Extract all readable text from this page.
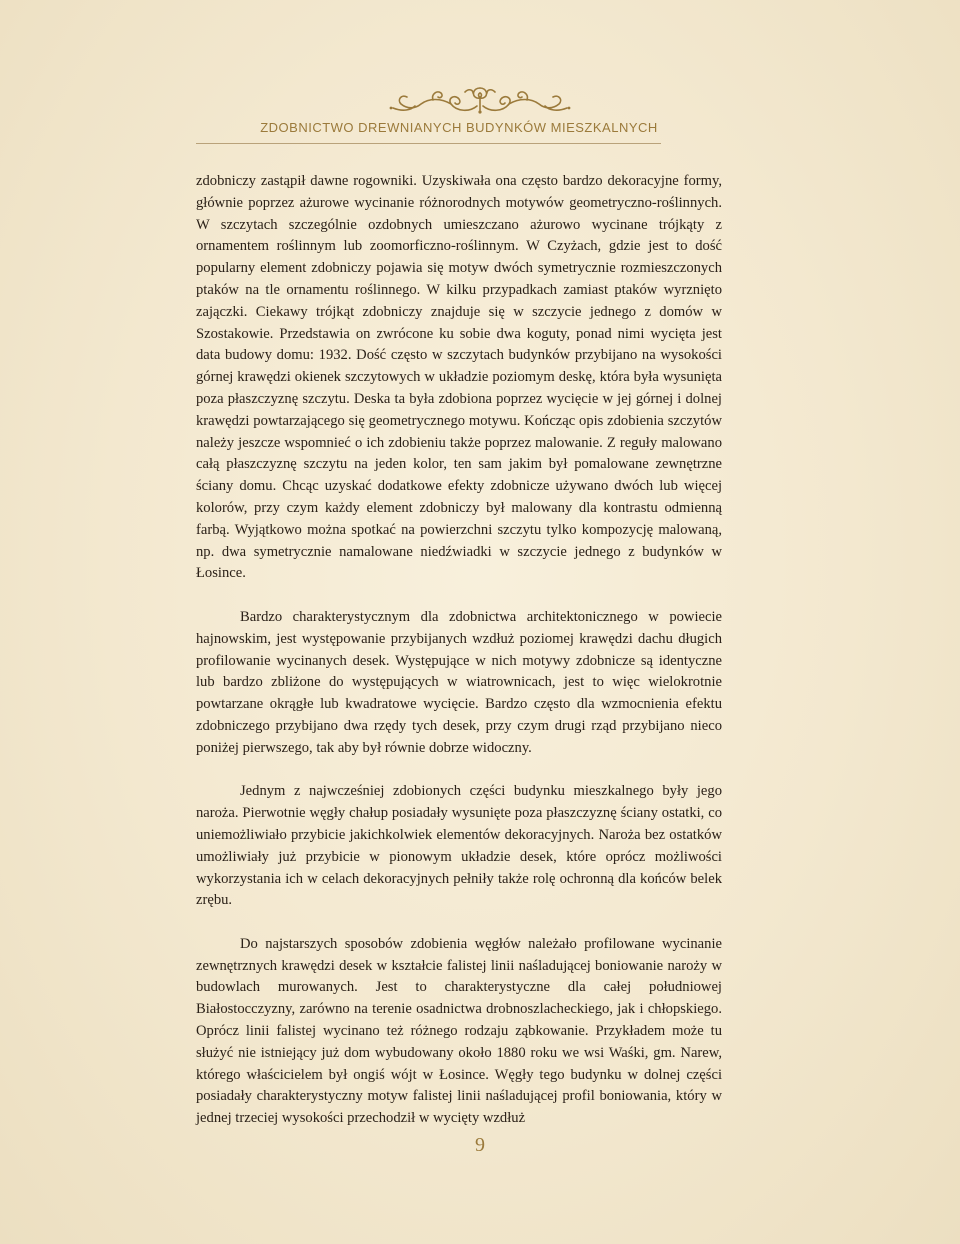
ZDOBNICTWO DREWNIANYCH BUDYNKÓW MIESZKALNYCH

zdobniczy zastąpił dawne rogowniki. Uzyskiwała ona często bardzo dekoracyjne formy, głównie poprzez ażurowe wycinanie różnorodnych motywów geometryczno-roślinnych. W szczytach szczególnie ozdobnych umieszczano ażurowo wycinane trójkąty z ornamentem roślinnym lub zoomorficzno-roślinnym. W Czyżach, gdzie jest to dość popularny element zdobniczy pojawia się motyw dwóch symetrycznie rozmieszczonych ptaków na tle ornamentu roślinnego. W kilku przypadkach zamiast ptaków wyrznięto zajączki. Ciekawy trójkąt zdobniczy znajduje się w szczycie jednego z domów w Szostakowie. Przedstawia on zwrócone ku sobie dwa koguty, ponad nimi wycięta jest data budowy domu: 1932. Dość często w szczytach budynków przybijano na wysokości górnej krawędzi okienek szczytowych w układzie poziomym deskę, która była wysunięta poza płaszczyznę szczytu. Deska ta była zdobiona poprzez wycięcie w jej górnej i dolnej krawędzi powtarzającego się geometrycznego motywu. Kończąc opis zdobienia szczytów należy jeszcze wspomnieć o ich zdobieniu także poprzez malowanie. Z reguły malowano całą płaszczyznę szczytu na jeden kolor, ten sam jakim był pomalowane zewnętrzne ściany domu. Chcąc uzyskać dodatkowe efekty zdobnicze używano dwóch lub więcej kolorów, przy czym każdy element zdobniczy był malowany dla kontrastu odmienną farbą. Wyjątkowo można spotkać na powierzchni szczytu tylko kompozycję malowaną, np. dwa symetrycznie namalowane niedźwiadki w szczycie jednego z budynków w Łosince.

Bardzo charakterystycznym dla zdobnictwa architektonicznego w powiecie hajnowskim, jest występowanie przybijanych wzdłuż poziomej krawędzi dachu długich profilowanie wycinanych desek. Występujące w nich motywy zdobnicze są identyczne lub bardzo zbliżone do występujących w wiatrownicach, jest to więc wielokrotnie powtarzane okrągłe lub kwadratowe wycięcie. Bardzo często dla wzmocnienia efektu zdobniczego przybijano dwa rzędy tych desek, przy czym drugi rząd przybijano nieco poniżej pierwszego, tak aby był równie dobrze widoczny.

Jednym z najwcześniej zdobionych części budynku mieszkalnego były jego naroża. Pierwotnie węgły chałup posiadały wysunięte poza płaszczyznę ściany ostatki, co uniemożliwiało przybicie jakichkolwiek elementów dekoracyjnych. Naroża bez ostatków umożliwiały już przybicie w pionowym układzie desek, które oprócz możliwości wykorzystania ich w celach dekoracyjnych pełniły także rolę ochronną dla końców belek zrębu.

Do najstarszych sposobów zdobienia węgłów należało profilowane wycinanie zewnętrznych krawędzi desek w kształcie falistej linii naśladującej boniowanie naroży w budowlach murowanych. Jest to charakterystyczne dla całej południowej Białostocczyzny, zarówno na terenie osadnictwa drobnoszlacheckiego, jak i chłopskiego. Oprócz linii falistej wycinano też różnego rodzaju ząbkowanie. Przykładem może tu służyć nie istniejący już dom wybudowany około 1880 roku we wsi Waśki, gm. Narew, którego właścicielem był ongiś wójt w Łosince. Węgły tego budynku w dolnej części posiadały charakterystyczny motyw falistej linii naśladującej profil boniowania, który w jednej trzeciej wysokości przechodził w wycięty wzdłuż

9
